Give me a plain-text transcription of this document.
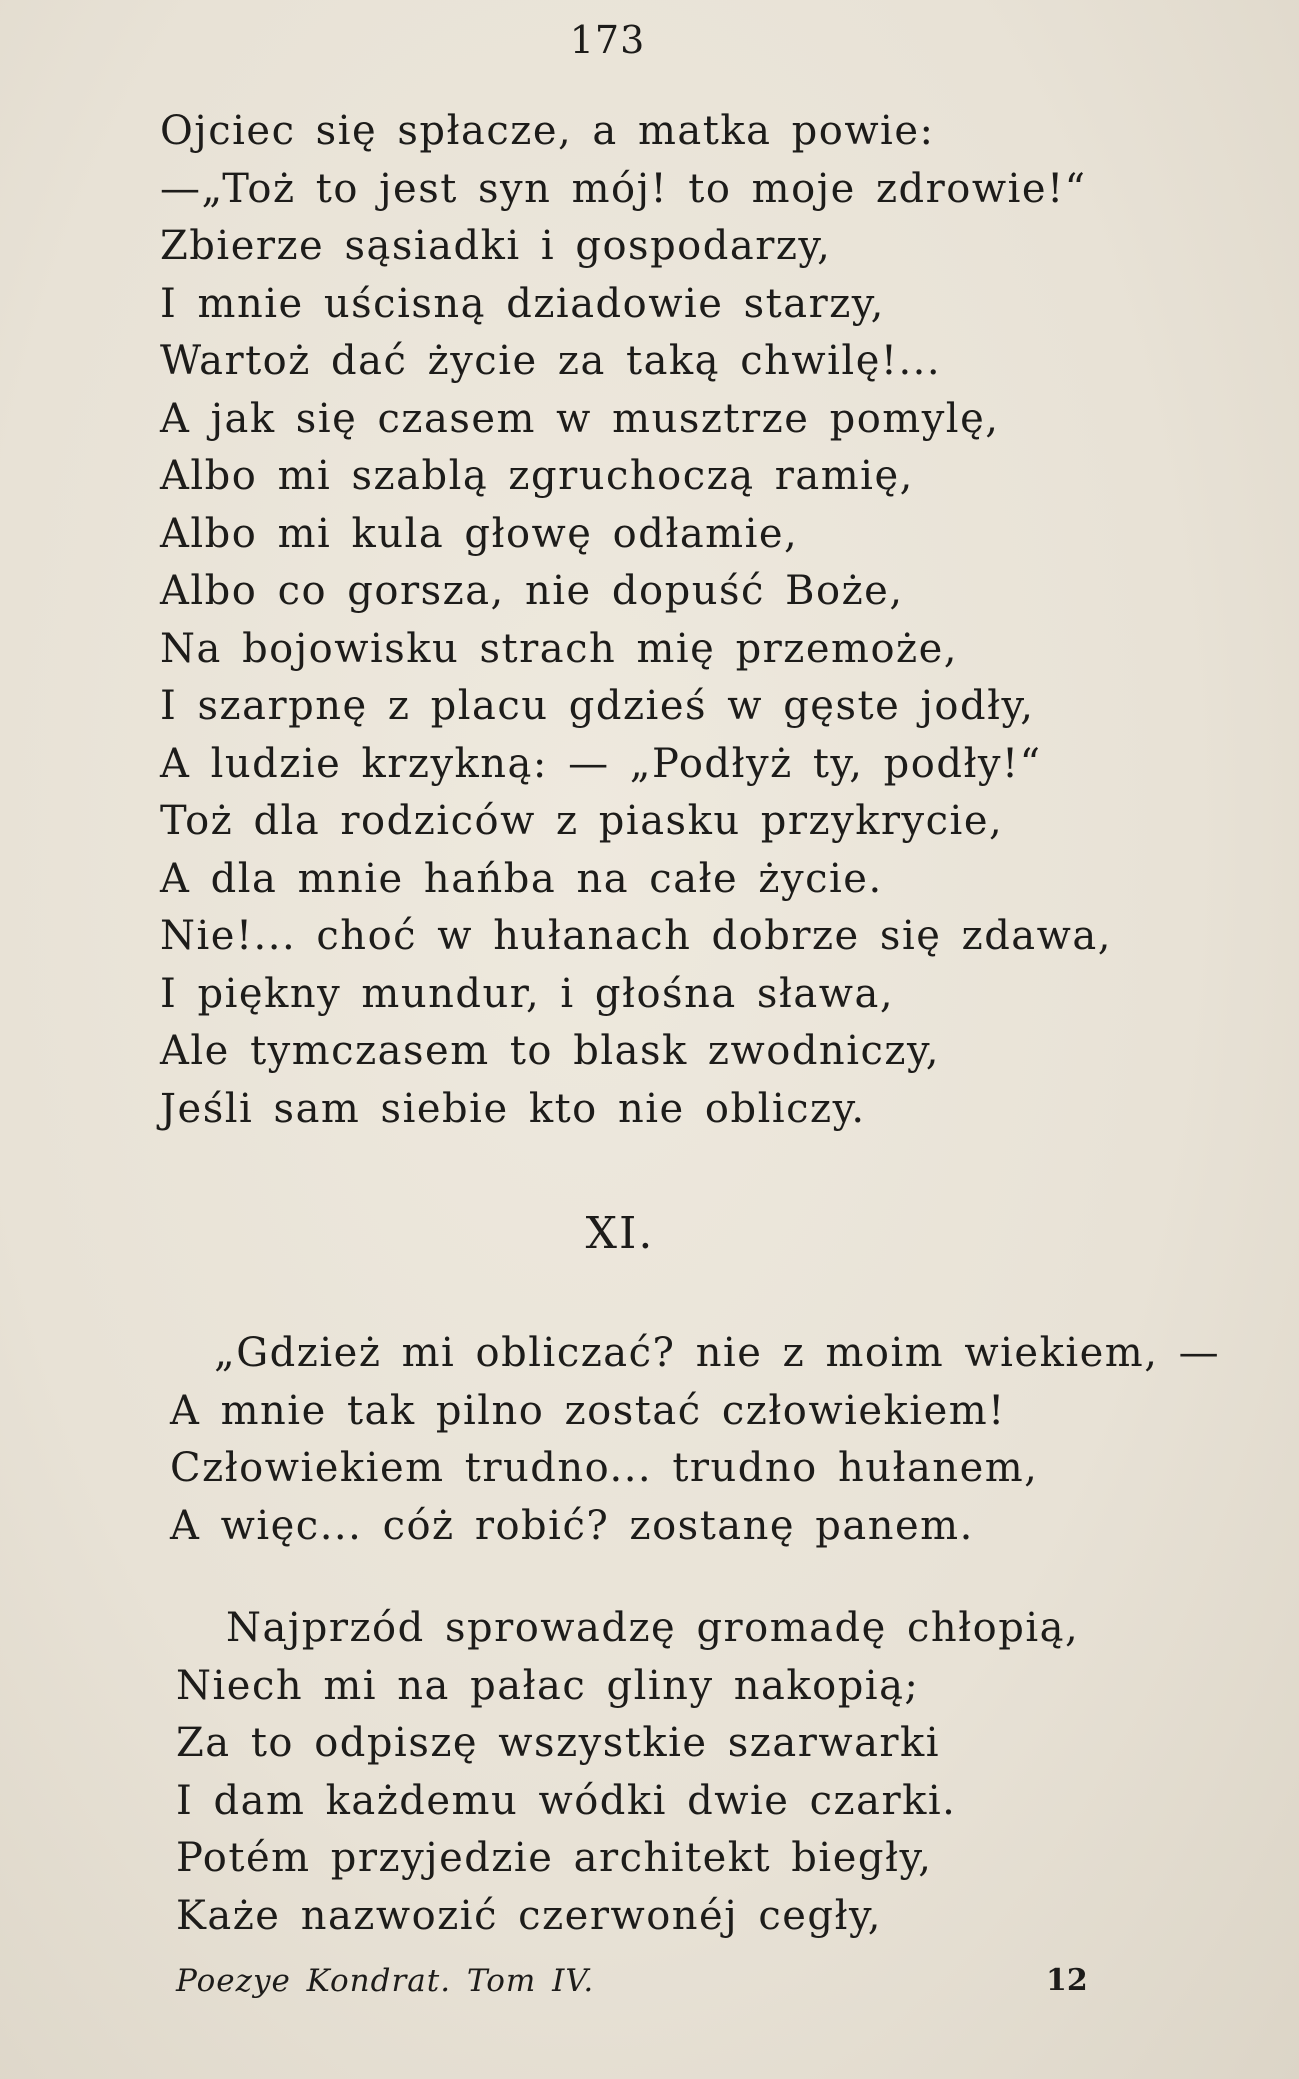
173
Ojciec się spłacze, a matka powie:
—„Toż to jest syn mój! to moje zdrowie!“
Zbierze sąsiadki i gospodarzy,
I mnie uścisną dziadowie starzy,
Wartoż dać życie za taką chwilę!...
A jak się czasem w musztrze pomylę,
Albo mi szablą zgruchoczą ramię,
Albo mi kula głowę odłamie,
Albo co gorsza, nie dopuść Boże,
Na bojowisku strach mię przemoże,
I szarpnę z placu gdzieś w gęste jodły,
A ludzie krzykną: — „Podłyż ty, podły!“
Toż dla rodziców z piasku przykrycie,
A dla mnie hańba na całe życie.
Nie!... choć w hułanach dobrze się zdawa,
I piękny mundur, i głośna sława,
Ale tymczasem to blask zwodniczy,
Jeśli sam siebie kto nie obliczy.
XI.
„Gdzież mi obliczać? nie z moim wiekiem, —
A mnie tak pilno zostać człowiekiem!
Człowiekiem trudno... trudno hułanem,
A więc... cóż robić? zostanę panem.
Najprzód sprowadzę gromadę chłopią,
Niech mi na pałac gliny nakopią;
Za to odpiszę wszystkie szarwarki
I dam każdemu wódki dwie czarki.
Potém przyjedzie architekt biegły,
Każe nazwozić czerwonéj cegły,
Poezye Kondrat. Tom IV.	12
